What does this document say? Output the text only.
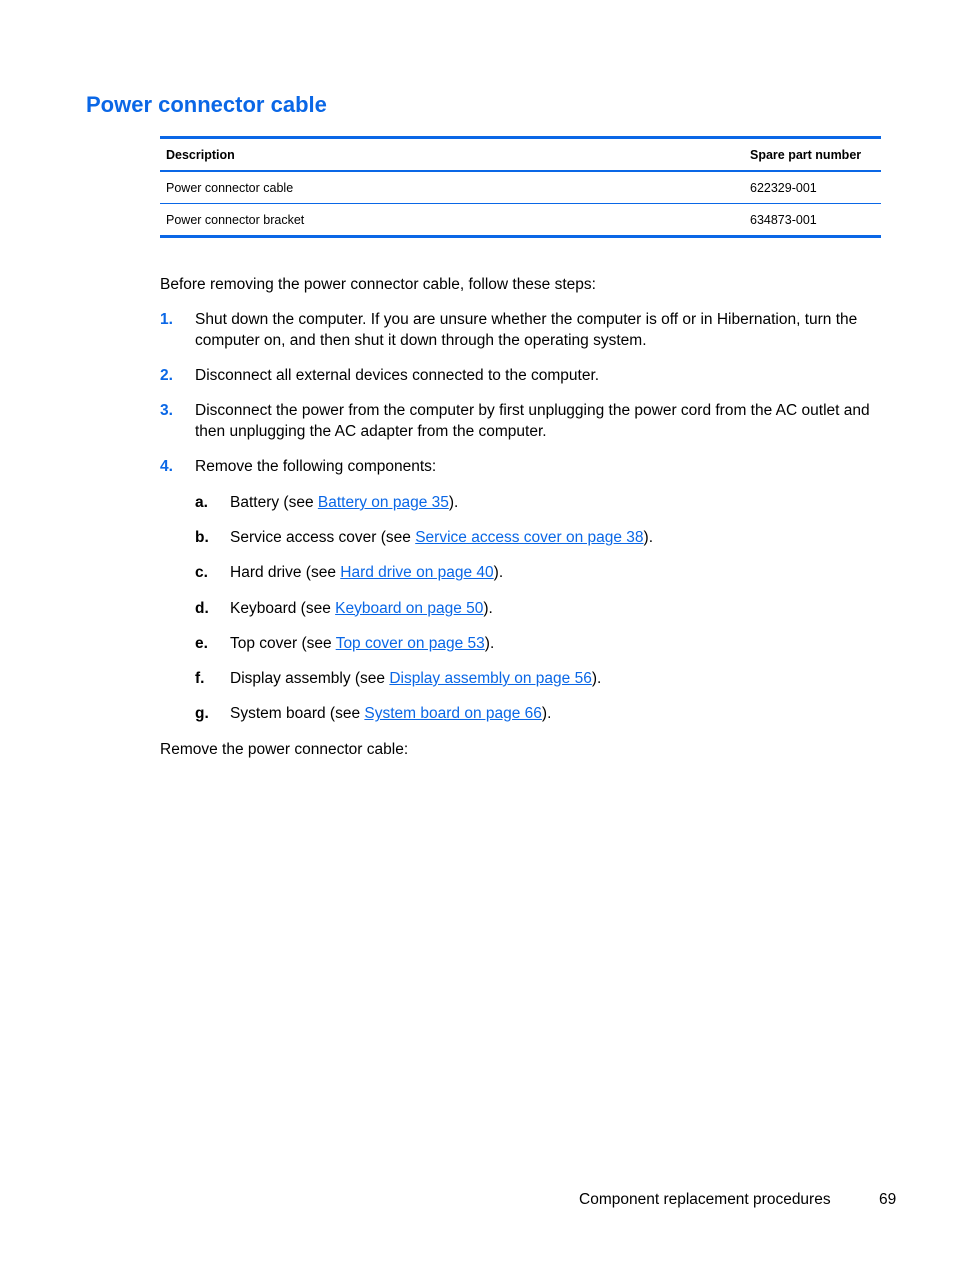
Power connector cable
Description	Spare part number
Power connector cable	622329-001
Power connector bracket	634873-001

Before removing the power connector cable, follow these steps:

1. Shut down the computer. If you are unsure whether the computer is off or in Hibernation, turn the computer on, and then shut it down through the operating system.
2. Disconnect all external devices connected to the computer.
3. Disconnect the power from the computer by first unplugging the power cord from the AC outlet and then unplugging the AC adapter from the computer.
4. Remove the following components:
a. Battery (see Battery on page 35).
b. Service access cover (see Service access cover on page 38).
c. Hard drive (see Hard drive on page 40).
d. Keyboard (see Keyboard on page 50).
e. Top cover (see Top cover on page 53).
f. Display assembly (see Display assembly on page 56).
g. System board (see System board on page 66).

Remove the power connector cable:

Component replacement procedures	69
